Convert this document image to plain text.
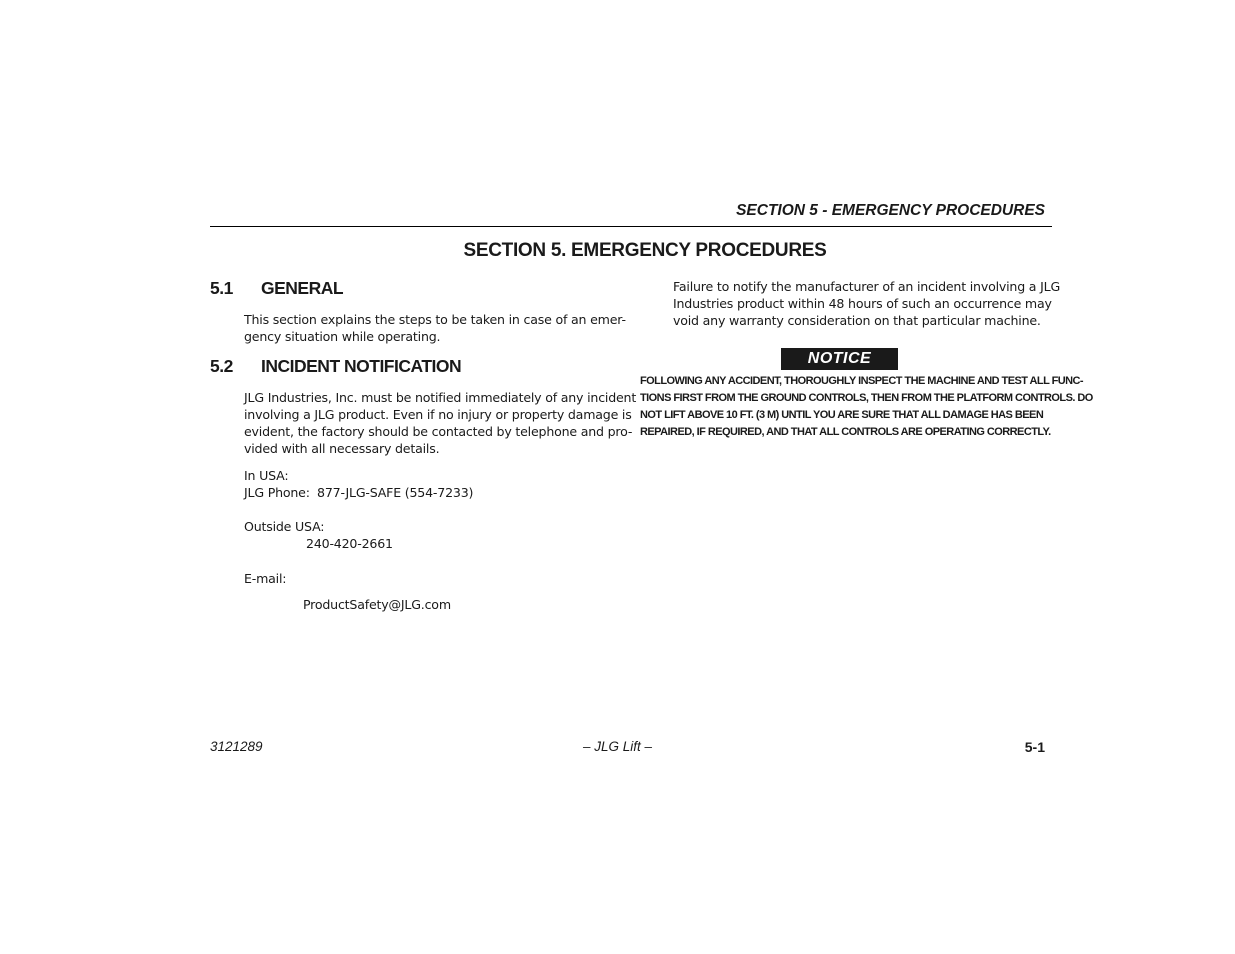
SECTION 5 - EMERGENCY PROCEDURES
SECTION 5. EMERGENCY PROCEDURES
5.1 GENERAL
This section explains the steps to be taken in case of an emer-
gency situation while operating.
5.2 INCIDENT NOTIFICATION
JLG Industries, Inc. must be notified immediately of any incident
involving a JLG product. Even if no injury or property damage is
evident, the factory should be contacted by telephone and pro-
vided with all necessary details.
In USA:
JLG Phone: 877-JLG-SAFE (554-7233)
Outside USA:
240-420-2661
E-mail:
ProductSafety@JLG.com
Failure to notify the manufacturer of an incident involving a JLG
Industries product within 48 hours of such an occurrence may
void any warranty consideration on that particular machine.
NOTICE
FOLLOWING ANY ACCIDENT, THOROUGHLY INSPECT THE MACHINE AND TEST ALL FUNC-
TIONS FIRST FROM THE GROUND CONTROLS, THEN FROM THE PLATFORM CONTROLS. DO
NOT LIFT ABOVE 10 FT. (3 M) UNTIL YOU ARE SURE THAT ALL DAMAGE HAS BEEN
REPAIRED, IF REQUIRED, AND THAT ALL CONTROLS ARE OPERATING CORRECTLY.
3121289	– JLG Lift –	5-1
